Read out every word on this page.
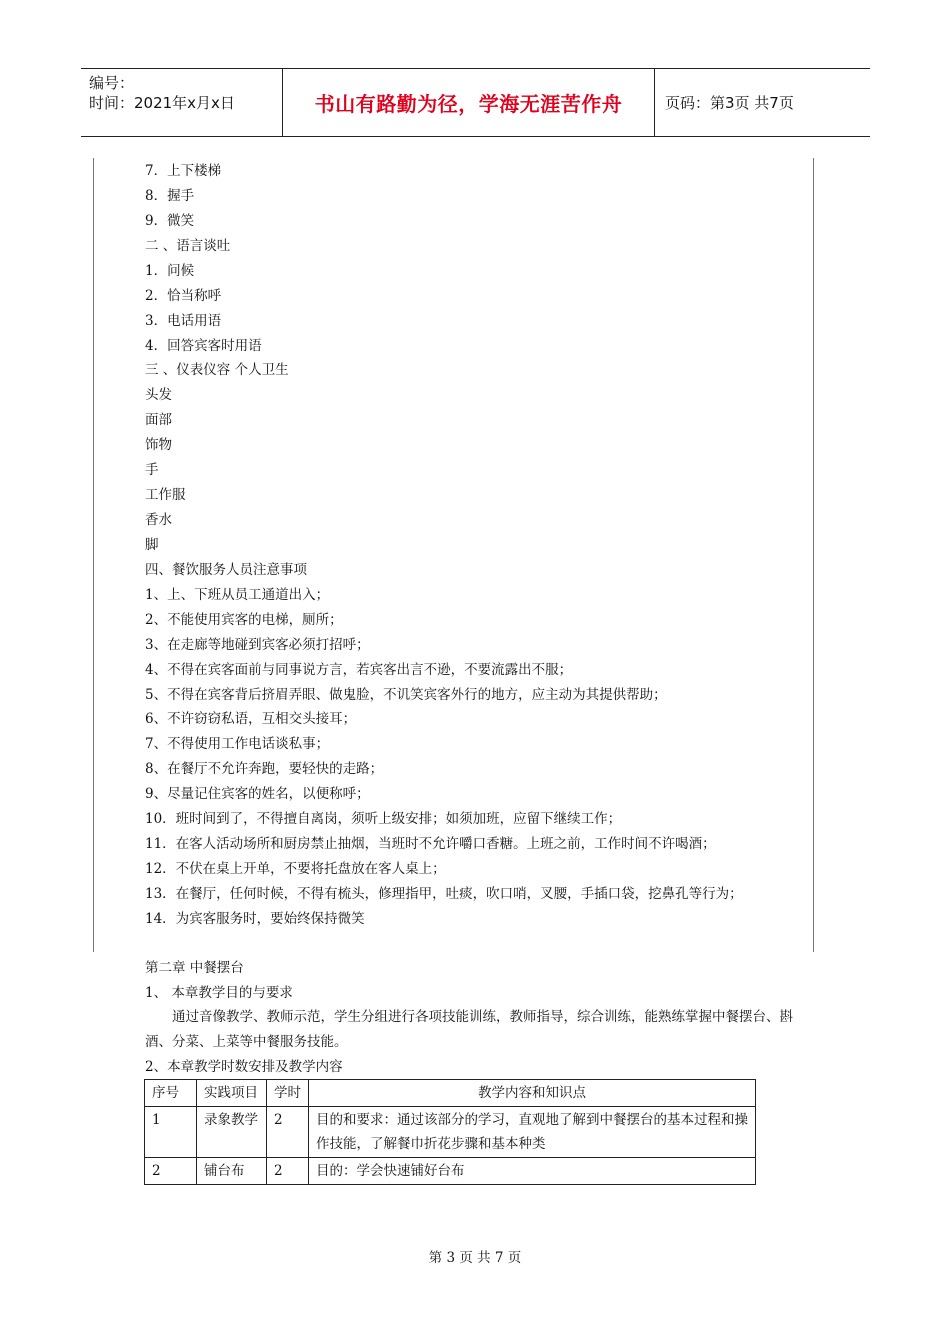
编号：
时间：2021年x月x日	书山有路勤为径，学海无涯苦作舟	页码：第3页 共7页
7．上下楼梯
8．握手
9．微笑
二 、语言谈吐
1．问候
2．恰当称呼
3．电话用语
4．回答宾客时用语
三 、仪表仪容 个人卫生
头发
面部
饰物
手
工作服
香水
脚
四、餐饮服务人员注意事项
1、上、下班从员工通道出入；
2、不能使用宾客的电梯，厕所；
3、在走廊等地碰到宾客必须打招呼；
4、不得在宾客面前与同事说方言，若宾客出言不逊，不要流露出不服；
5、不得在宾客背后挤眉弄眼、做鬼脸，不讥笑宾客外行的地方，应主动为其提供帮助；
6、不许窃窃私语，互相交头接耳；
7、不得使用工作电话谈私事；
8、在餐厅不允许奔跑，要轻快的走路；
9、尽量记住宾客的姓名，以便称呼；
10．班时间到了，不得擅自离岗，须听上级安排；如须加班，应留下继续工作；
11．在客人活动场所和厨房禁止抽烟，当班时不允许嚼口香糖。上班之前，工作时间不许喝酒；
12．不伏在桌上开单，不要将托盘放在客人桌上；
13．在餐厅，任何时候，不得有梳头，修理指甲，吐痰，吹口哨，叉腰，手插口袋，挖鼻孔等行为；
14．为宾客服务时，要始终保持微笑
第二章 中餐摆台
1、 本章教学目的与要求
通过音像教学、教师示范，学生分组进行各项技能训练，教师指导，综合训练，能熟练掌握中餐摆台、斟酒、分菜、上菜等中餐服务技能。
2、本章教学时数安排及教学内容
序号	实践项目	学时	教学内容和知识点
1	录象教学	2	目的和要求：通过该部分的学习，直观地了解到中餐摆台的基本过程和操作技能，了解餐巾折花步骤和基本种类
2	铺台布	2	目的：学会快速铺好台布
第 3 页 共 7 页
